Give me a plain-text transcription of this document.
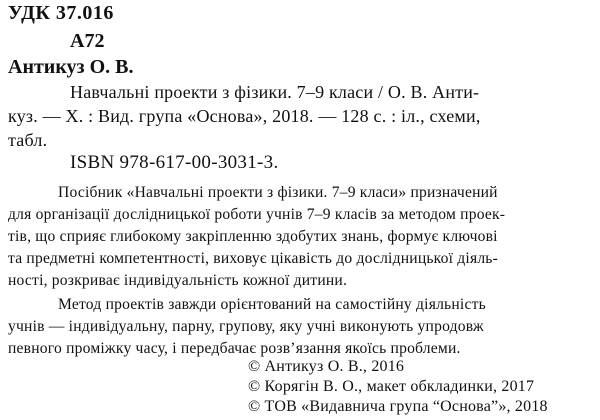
УДК 37.016
А72
Антикуз О. В.
Навчальні проекти з фізики. 7–9 класи / О. В. Анти-
куз. — Х. : Вид. група «Основа», 2018. — 128 с. : іл., схеми,
табл.
ISBN 978-617-00-3031-3.
Посібник «Навчальні проекти з фізики. 7–9 класи» призначений
для організації дослідницької роботи учнів 7–9 класів за методом проек-
тів, що сприяє глибокому закріпленню здобутих знань, формує ключові
та предметні компетентності, виховує цікавість до дослідницької діяль-
ності, розкриває індивідуальність кожної дитини.
Метод проектів завжди орієнтований на самостійну діяльність
учнів — індивідуальну, парну, групову, яку учні виконують упродовж
певного проміжку часу, і передбачає розв’язання якоїсь проблеми.
© Антикуз О. В., 2016
© Корягін В. О., макет обкладинки, 2017
© ТОВ «Видавнича група “Основа”», 2018
